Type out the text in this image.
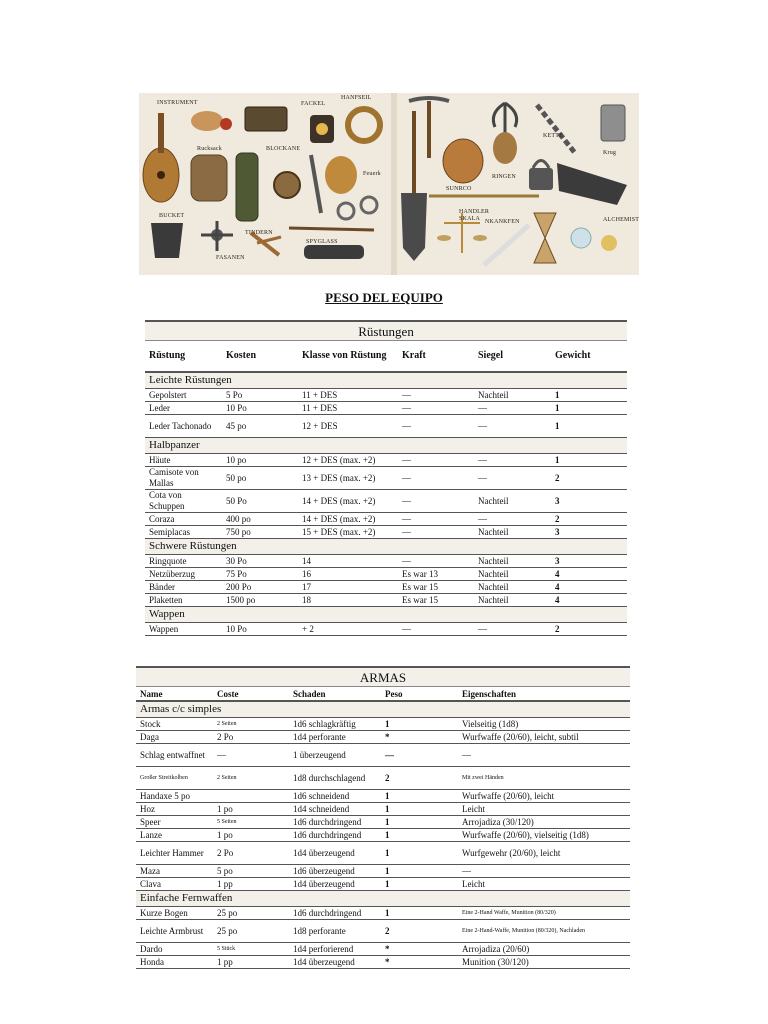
INSTRUMENT
Rucksack
FACKEL
HANFSEIL
BLOCKANE
Feuerk
BUCKET
TINDERN
FASANEN
SPYGLASS
SUNRCO
RINGEN
KETTE
Krug
HANDLER SKALA NKANKFEN	ALCHEMIST
PESO DEL EQUIPO
Rüstungen					
Rüstung	Kosten	Klasse von Rüstung	Kraft	Siegel	Gewicht
Leichte Rüstungen					
Gepolstert	5 Po	11 + DES	—	Nachteil	1
Leder	10 Po	11 + DES	—	—	1
Leder Tachonado	45 po	12 + DES	—	—	1
Halbpanzer					
Häute	10 po	12 + DES (max. +2)	—	—	1
Camisote von Mallas	50 po	13 + DES (max. +2)	—	—	2
Cota von Schuppen	50 Po	14 + DES (max. +2)	—	Nachteil	3
Coraza	400 po	14 + DES (max. +2)	—	—	2
Semiplacas	750 po	15 + DES (max. +2)	—	Nachteil	3
Schwere Rüstungen					
Ringquote	30 Po	14	—	Nachteil	3
Netzüberzug	75 Po	16	Es war 13	Nachteil	4
Bänder	200 Po	17	Es war 15	Nachteil	4
Plaketten	1500 po	18	Es war 15	Nachteil	4
Wappen					
Wappen	10 Po	+ 2	—	—	2
ARMAS				
Name	Coste	Schaden	Peso	Eigenschaften
Armas c/c simples				
Stock	2 Seiten	1d6 schlagkräftig	1	Vielseitig (1d8)
Daga	2 Po	1d4 perforante	*	Wurfwaffe (20/60), leicht, subtil
Schlag entwaffnet	—	1 überzeugend	—	—
Großer Streitkolben	2 Seiten	1d8 durchschlagend	2	Mit zwei Händen
Handaxe 5 po		1d6 schneidend	1	Wurfwaffe (20/60), leicht
Hoz	1 po	1d4 schneidend	1	Leicht
Speer	5 Seiten	1d6 durchdringend	1	Arrojadiza (30/120)
Lanze	1 po	1d6 durchdringend	1	Wurfwaffe (20/60), vielseitig (1d8)
Leichter Hammer	2 Po	1d4 überzeugend	1	Wurfgewehr (20/60), leicht
Maza	5 po	1d6 überzeugend	1	—
Clava	1 pp	1d4 überzeugend	1	Leicht
Einfache Fernwaffen				
Kurze Bogen	25 po	1d6 durchdringend	1	Eine 2-Hand Waffe, Munition (80/320)
Leichte Armbrust	25 po	1d8 perforante	2	Eine 2-Hand-Waffe, Munition (80/320), Nachladen
Dardo	5 Stück	1d4 perforierend	*	Arrojadiza (20/60)
Honda	1 pp	1d4 überzeugend	*	Munition (30/120)
